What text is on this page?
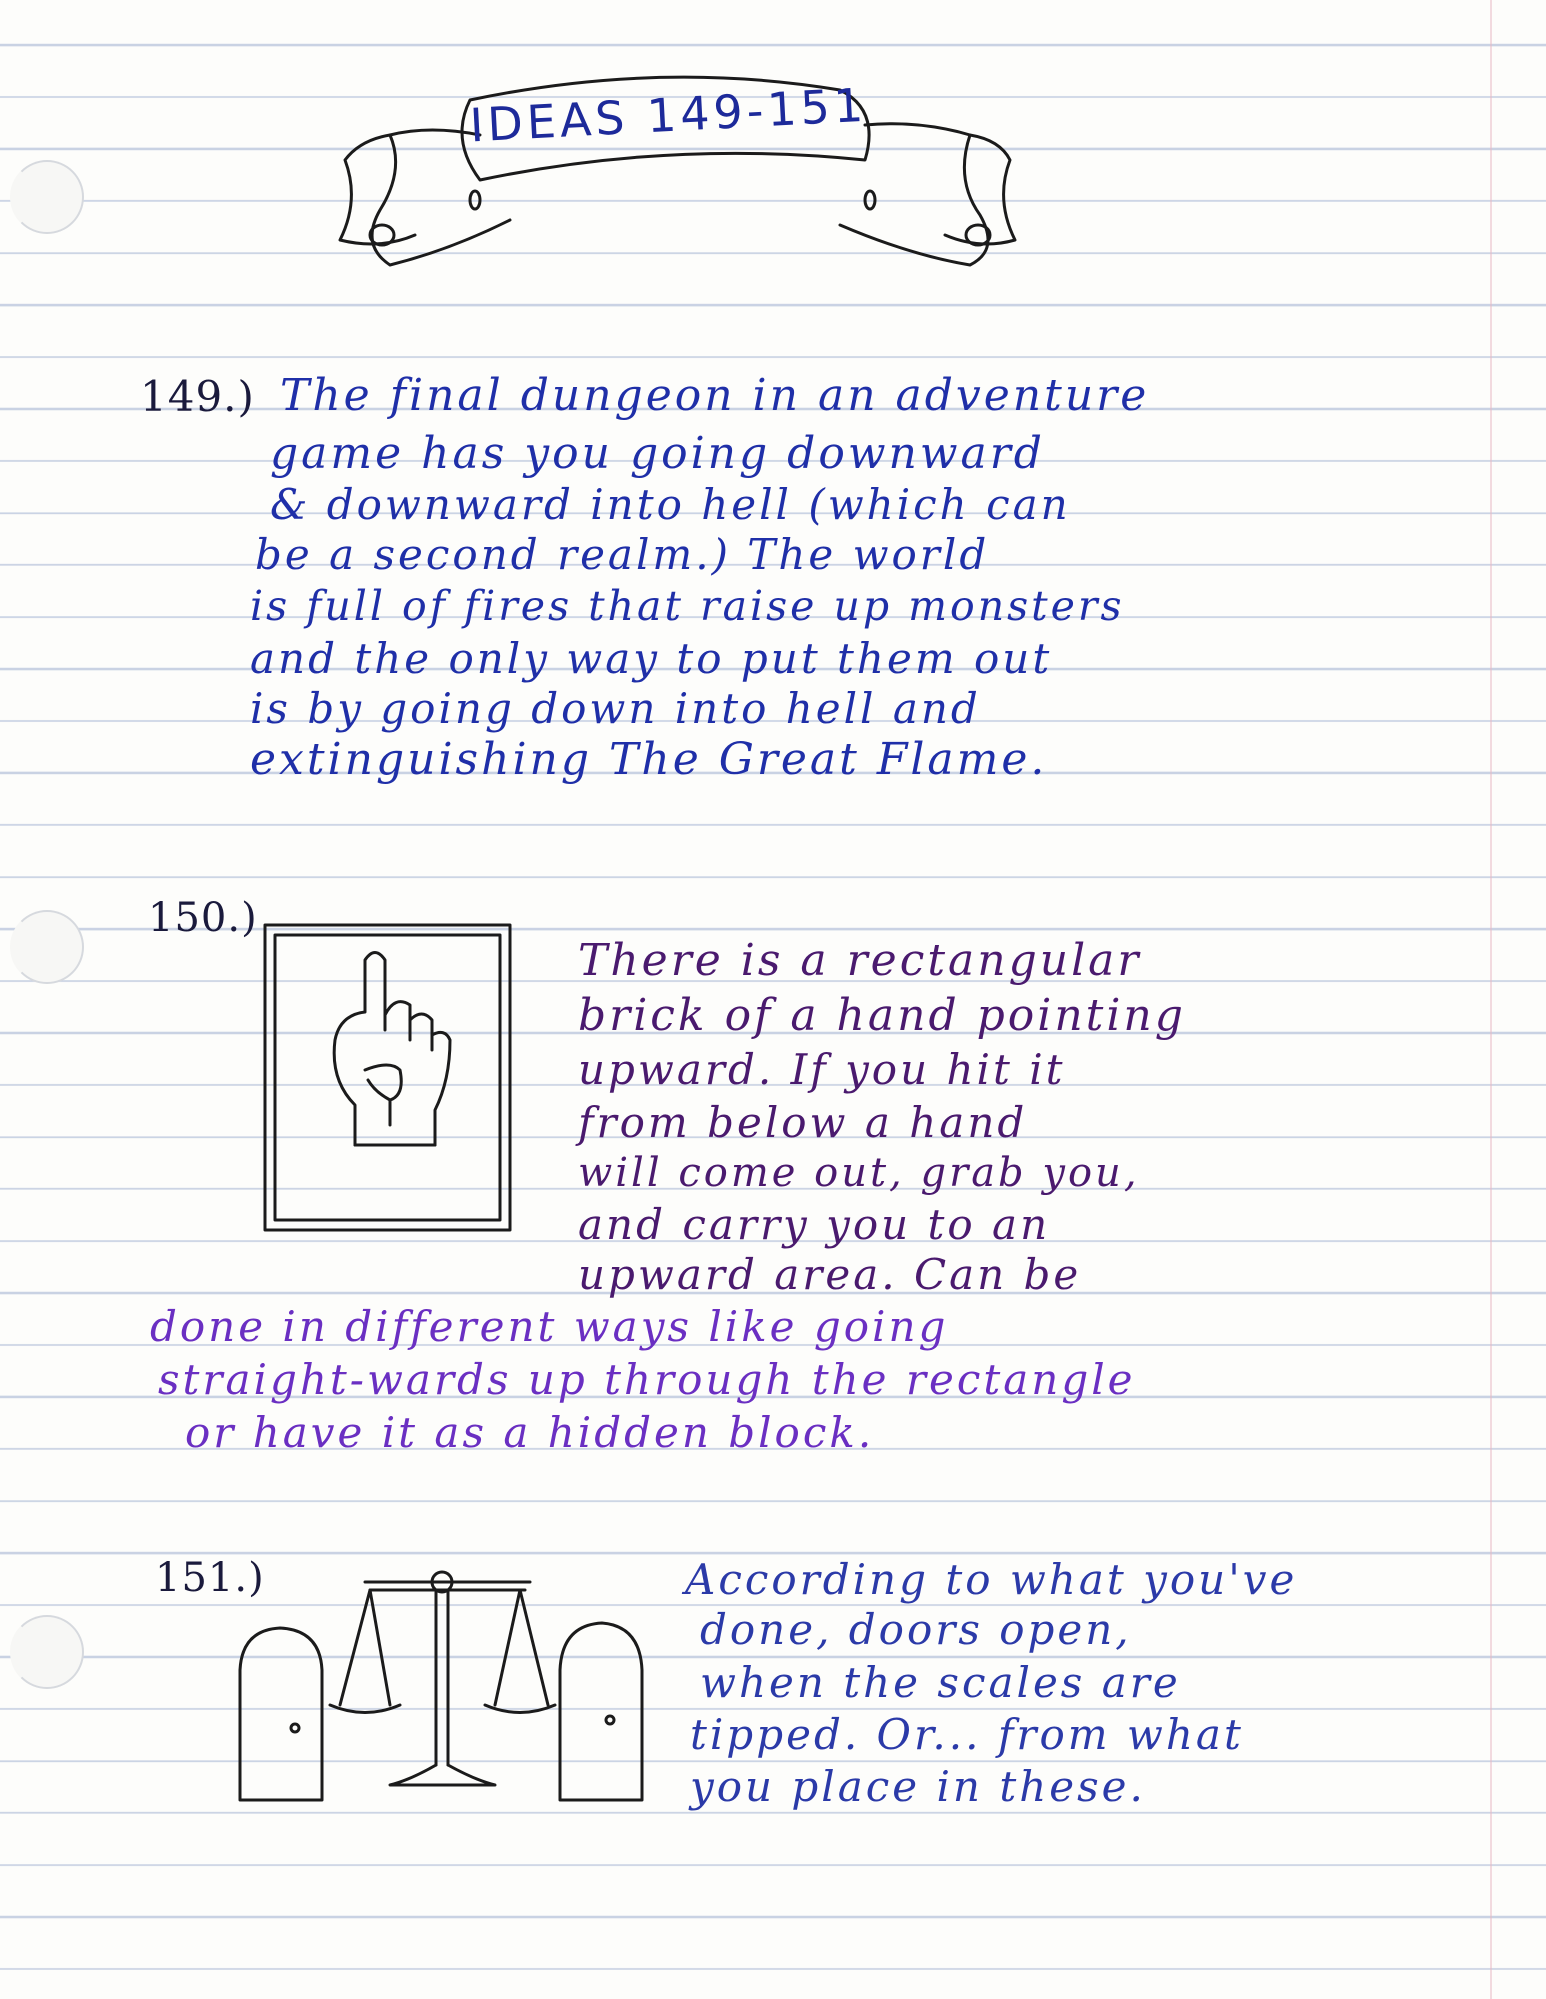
IDEAS 149-151
149.) The final dungeon in an adventure
game has you going downward
& downward into hell (which can
be a second realm.) The world
is full of fires that raise up monsters
and the only way to put them out
is by going down into hell and
extinguishing The Great Flame.
150.)
There is a rectangular
brick of a hand pointing
upward. If you hit it
from below a hand
will come out, grab you,
and carry you to an
upward area. Can be
done in different ways like going
straight-wards up through the rectangle
or have it as a hidden block.
151.)	According to what you've
done, doors open,
when the scales are
tipped. Or... from what
you place in these.
